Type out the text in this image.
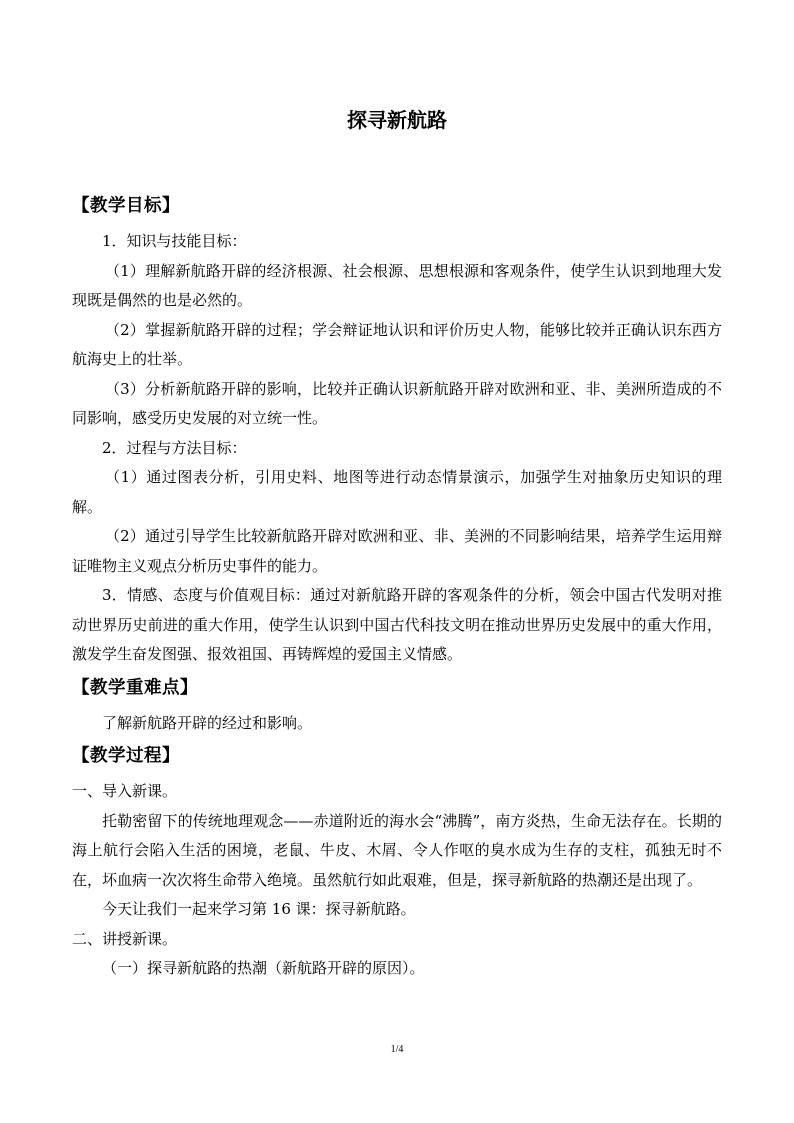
探寻新航路

【教学目标】

1．知识与技能目标：

（1）理解新航路开辟的经济根源、社会根源、思想根源和客观条件，使学生认识到地理大发现既是偶然的也是必然的。

（2）掌握新航路开辟的过程；学会辩证地认识和评价历史人物，能够比较并正确认识东西方航海史上的壮举。

（3）分析新航路开辟的影响，比较并正确认识新航路开辟对欧洲和亚、非、美洲所造成的不同影响，感受历史发展的对立统一性。

2．过程与方法目标：

（1）通过图表分析，引用史料、地图等进行动态情景演示，加强学生对抽象历史知识的理解。

（2）通过引导学生比较新航路开辟对欧洲和亚、非、美洲的不同影响结果，培养学生运用辩证唯物主义观点分析历史事件的能力。

3．情感、态度与价值观目标：通过对新航路开辟的客观条件的分析，领会中国古代发明对推动世界历史前进的重大作用，使学生认识到中国古代科技文明在推动世界历史发展中的重大作用，激发学生奋发图强、报效祖国、再铸辉煌的爱国主义情感。

【教学重难点】

了解新航路开辟的经过和影响。

【教学过程】

一、导入新课。

托勒密留下的传统地理观念——赤道附近的海水会“沸腾”，南方炎热，生命无法存在。长期的海上航行会陷入生活的困境，老鼠、牛皮、木屑、令人作呕的臭水成为生存的支柱，孤独无时不在，坏血病一次次将生命带入绝境。虽然航行如此艰难，但是，探寻新航路的热潮还是出现了。

今天让我们一起来学习第 16 课：探寻新航路。

二、讲授新课。

（一）探寻新航路的热潮（新航路开辟的原因）。

1/4
